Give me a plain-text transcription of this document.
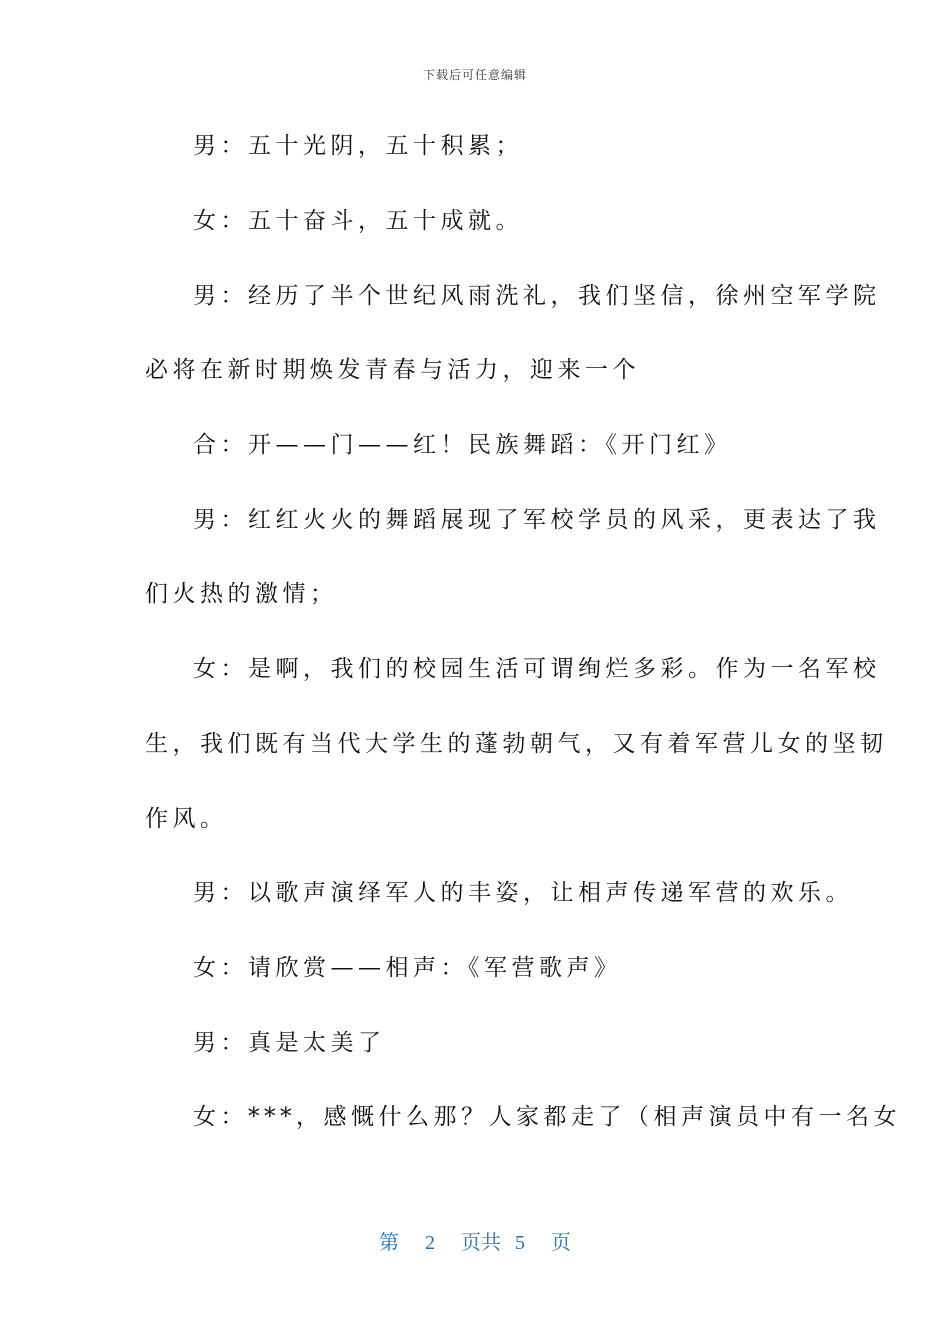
下载后可任意编辑
男：五十光阴，五十积累；
女：五十奋斗，五十成就。
男：经历了半个世纪风雨洗礼，我们坚信，徐州空军学院
必将在新时期焕发青春与活力，迎来一个
合：开——门——红！民族舞蹈：《开门红》
男：红红火火的舞蹈展现了军校学员的风采，更表达了我
们火热的激情；
女：是啊，我们的校园生活可谓绚烂多彩。作为一名军校
生，我们既有当代大学生的蓬勃朝气，又有着军营儿女的坚韧
作风。
男：以歌声演绎军人的丰姿，让相声传递军营的欢乐。
女：请欣赏——相声：《军营歌声》
男：真是太美了
女：***，感慨什么那？人家都走了（相声演员中有一名女
第 2 页共 5 页
